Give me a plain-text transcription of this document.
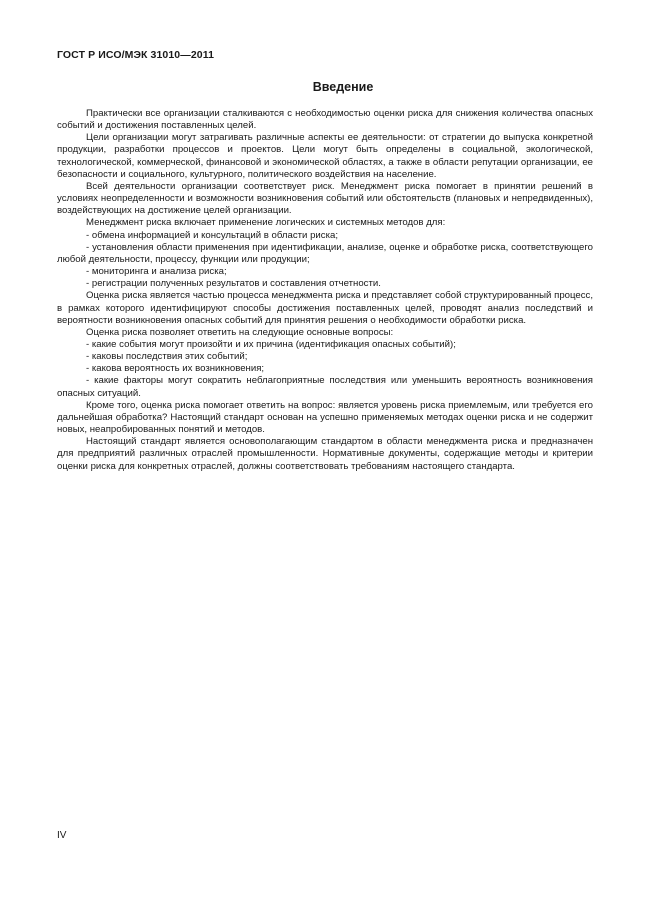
ГОСТ Р ИСО/МЭК 31010—2011
Введение

Практически все организации сталкиваются с необходимостью оценки риска для снижения количества опасных событий и достижения поставленных целей.

Цели организации могут затрагивать различные аспекты ее деятельности: от стратегии до выпуска конкретной продукции, разработки процессов и проектов. Цели могут быть определены в социальной, экологической, технологической, коммерческой, финансовой и экономической областях, а также в области репутации организации, ее безопасности и социального, культурного, политического воздействия на население.

Всей деятельности организации соответствует риск. Менеджмент риска помогает в принятии решений в условиях неопределенности и возможности возникновения событий или обстоятельств (плановых и непредвиденных), воздействующих на достижение целей организации.

Менеджмент риска включает применение логических и системных методов для:

- обмена информацией и консультаций в области риска;

- установления области применения при идентификации, анализе, оценке и обработке риска, соответствующего любой деятельности, процессу, функции или продукции;

- мониторинга и анализа риска;

- регистрации полученных результатов и составления отчетности.

Оценка риска является частью процесса менеджмента риска и представляет собой структурированный процесс, в рамках которого идентифицируют способы достижения поставленных целей, проводят анализ последствий и вероятности возникновения опасных событий для принятия решения о необходимости обработки риска.

Оценка риска позволяет ответить на следующие основные вопросы:

- какие события могут произойти и их причина (идентификация опасных событий);

- каковы последствия этих событий;

- какова вероятность их возникновения;

- какие факторы могут сократить неблагоприятные последствия или уменьшить вероятность возникновения опасных ситуаций.

Кроме того, оценка риска помогает ответить на вопрос: является уровень риска приемлемым, или требуется его дальнейшая обработка? Настоящий стандарт основан на успешно применяемых методах оценки риска и не содержит новых, неапробированных понятий и методов.

Настоящий стандарт является основополагающим стандартом в области менеджмента риска и предназначен для предприятий различных отраслей промышленности. Нормативные документы, содержащие методы и критерии оценки риска для конкретных отраслей, должны соответствовать требованиям настоящего стандарта.

IV
